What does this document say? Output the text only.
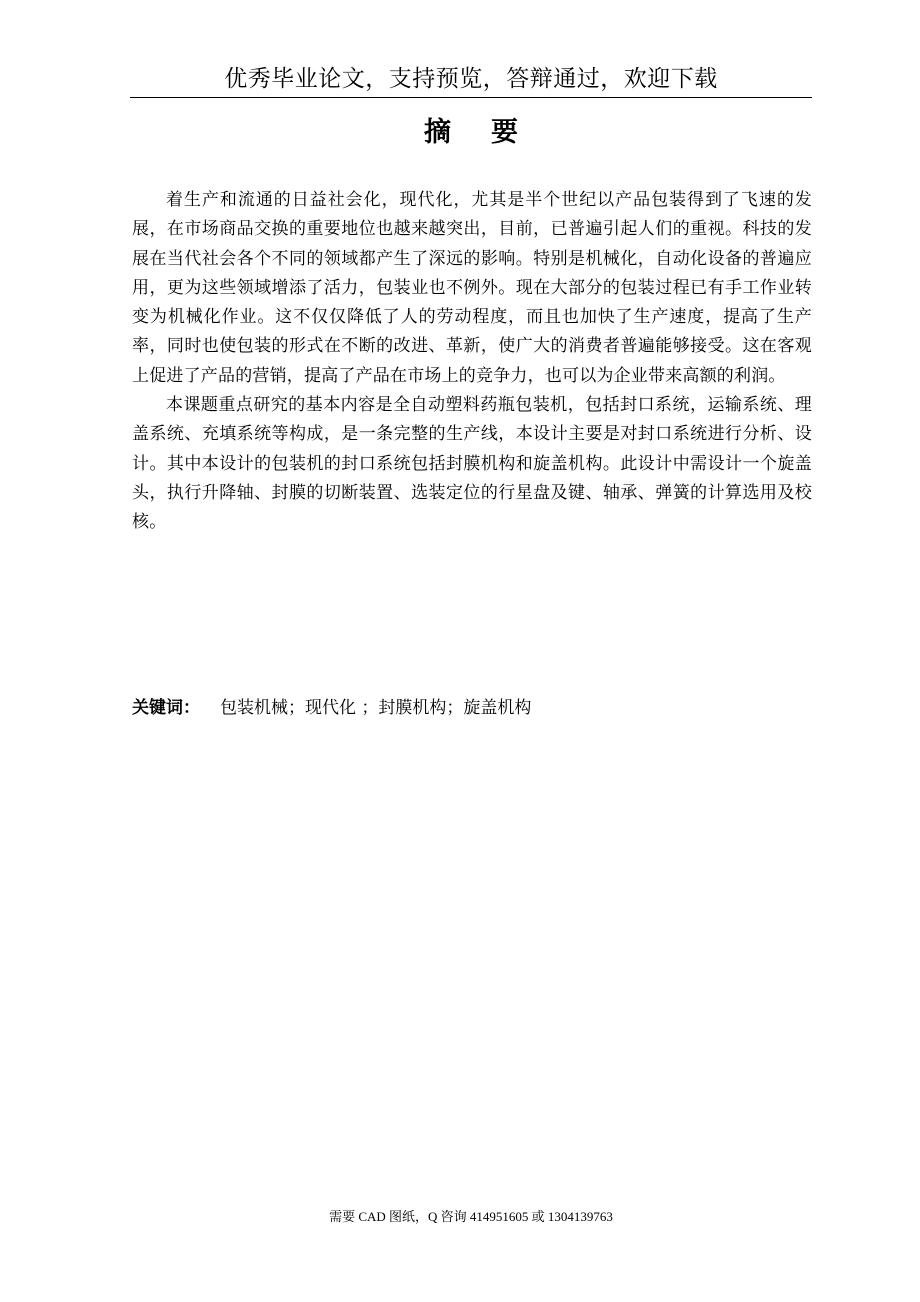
优秀毕业论文，支持预览，答辩通过，欢迎下载
摘要

着生产和流通的日益社会化，现代化，尤其是半个世纪以产品包装得到了飞速的发展，在市场商品交换的重要地位也越来越突出，目前，已普遍引起人们的重视。科技的发展在当代社会各个不同的领域都产生了深远的影响。特别是机械化，自动化设备的普遍应用，更为这些领域增添了活力，包装业也不例外。现在大部分的包装过程已有手工作业转变为机械化作业。这不仅仅降低了人的劳动程度，而且也加快了生产速度，提高了生产率，同时也使包装的形式在不断的改进、革新，使广大的消费者普遍能够接受。这在客观上促进了产品的营销，提高了产品在市场上的竞争力，也可以为企业带来高额的利润。

本课题重点研究的基本内容是全自动塑料药瓶包装机，包括封口系统，运输系统、理盖系统、充填系统等构成，是一条完整的生产线，本设计主要是对封口系统进行分析、设计。其中本设计的包装机的封口系统包括封膜机构和旋盖机构。此设计中需设计一个旋盖头，执行升降轴、封膜的切断装置、选装定位的行星盘及键、轴承、弹簧的计算选用及校核。

关键词： 包装机械；现代化 ；封膜机构；旋盖机构
需要 CAD 图纸，Q 咨询 414951605 或 1304139763
